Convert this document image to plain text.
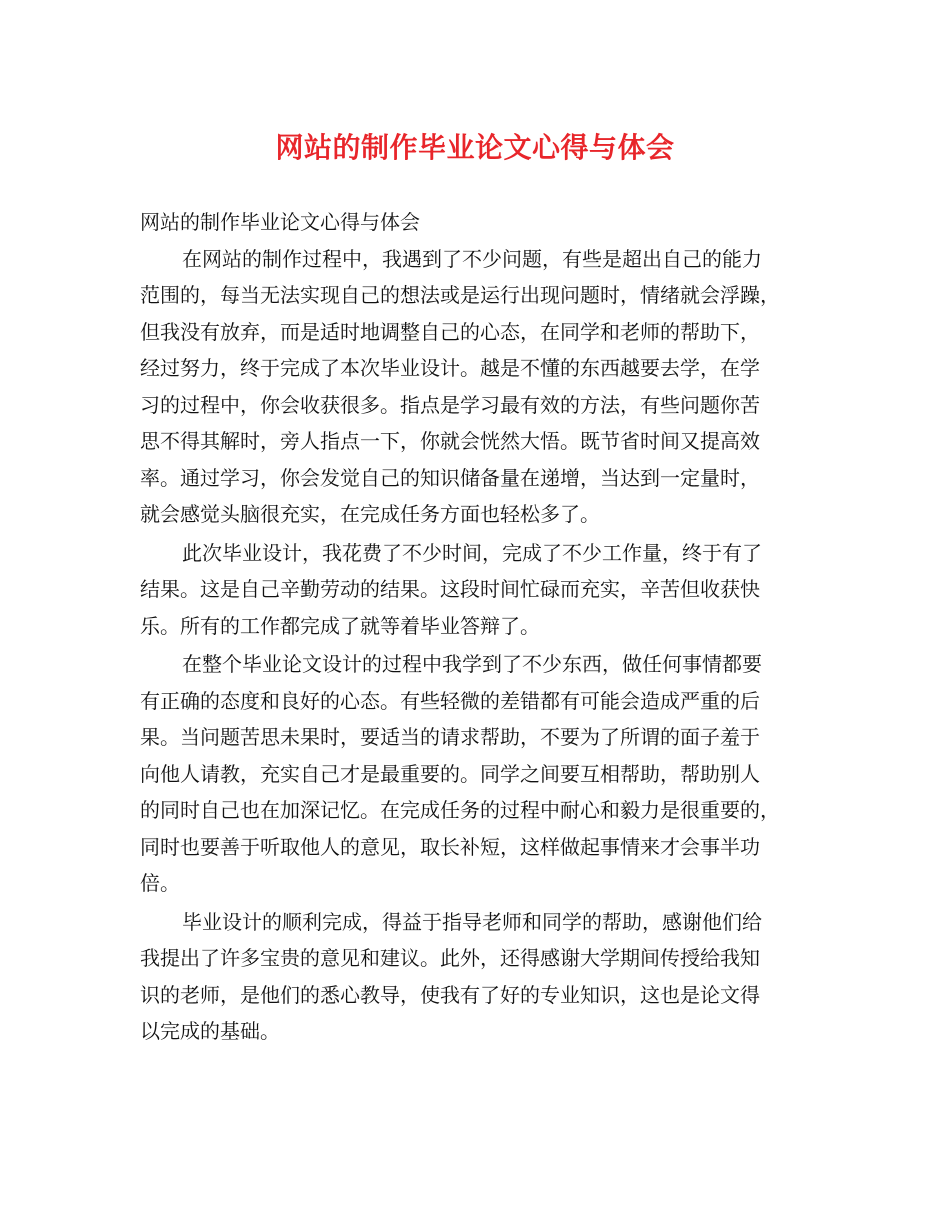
网站的制作毕业论文心得与体会

网站的制作毕业论文心得与体会

在网站的制作过程中，我遇到了不少问题，有些是超出自己的能力
范围的，每当无法实现自己的想法或是运行出现问题时，情绪就会浮躁，
但我没有放弃，而是适时地调整自己的心态，在同学和老师的帮助下，
经过努力，终于完成了本次毕业设计。越是不懂的东西越要去学，在学
习的过程中，你会收获很多。指点是学习最有效的方法，有些问题你苦
思不得其解时，旁人指点一下，你就会恍然大悟。既节省时间又提高效
率。通过学习，你会发觉自己的知识储备量在递增，当达到一定量时，
就会感觉头脑很充实，在完成任务方面也轻松多了。
此次毕业设计，我花费了不少时间，完成了不少工作量，终于有了
结果。这是自己辛勤劳动的结果。这段时间忙碌而充实，辛苦但收获快
乐。所有的工作都完成了就等着毕业答辩了。
在整个毕业论文设计的过程中我学到了不少东西，做任何事情都要
有正确的态度和良好的心态。有些轻微的差错都有可能会造成严重的后
果。当问题苦思未果时，要适当的请求帮助，不要为了所谓的面子羞于
向他人请教，充实自己才是最重要的。同学之间要互相帮助，帮助别人
的同时自己也在加深记忆。在完成任务的过程中耐心和毅力是很重要的，
同时也要善于听取他人的意见，取长补短，这样做起事情来才会事半功
倍。
毕业设计的顺利完成，得益于指导老师和同学的帮助，感谢他们给
我提出了许多宝贵的意见和建议。此外，还得感谢大学期间传授给我知
识的老师，是他们的悉心教导，使我有了好的专业知识，这也是论文得
以完成的基础。
